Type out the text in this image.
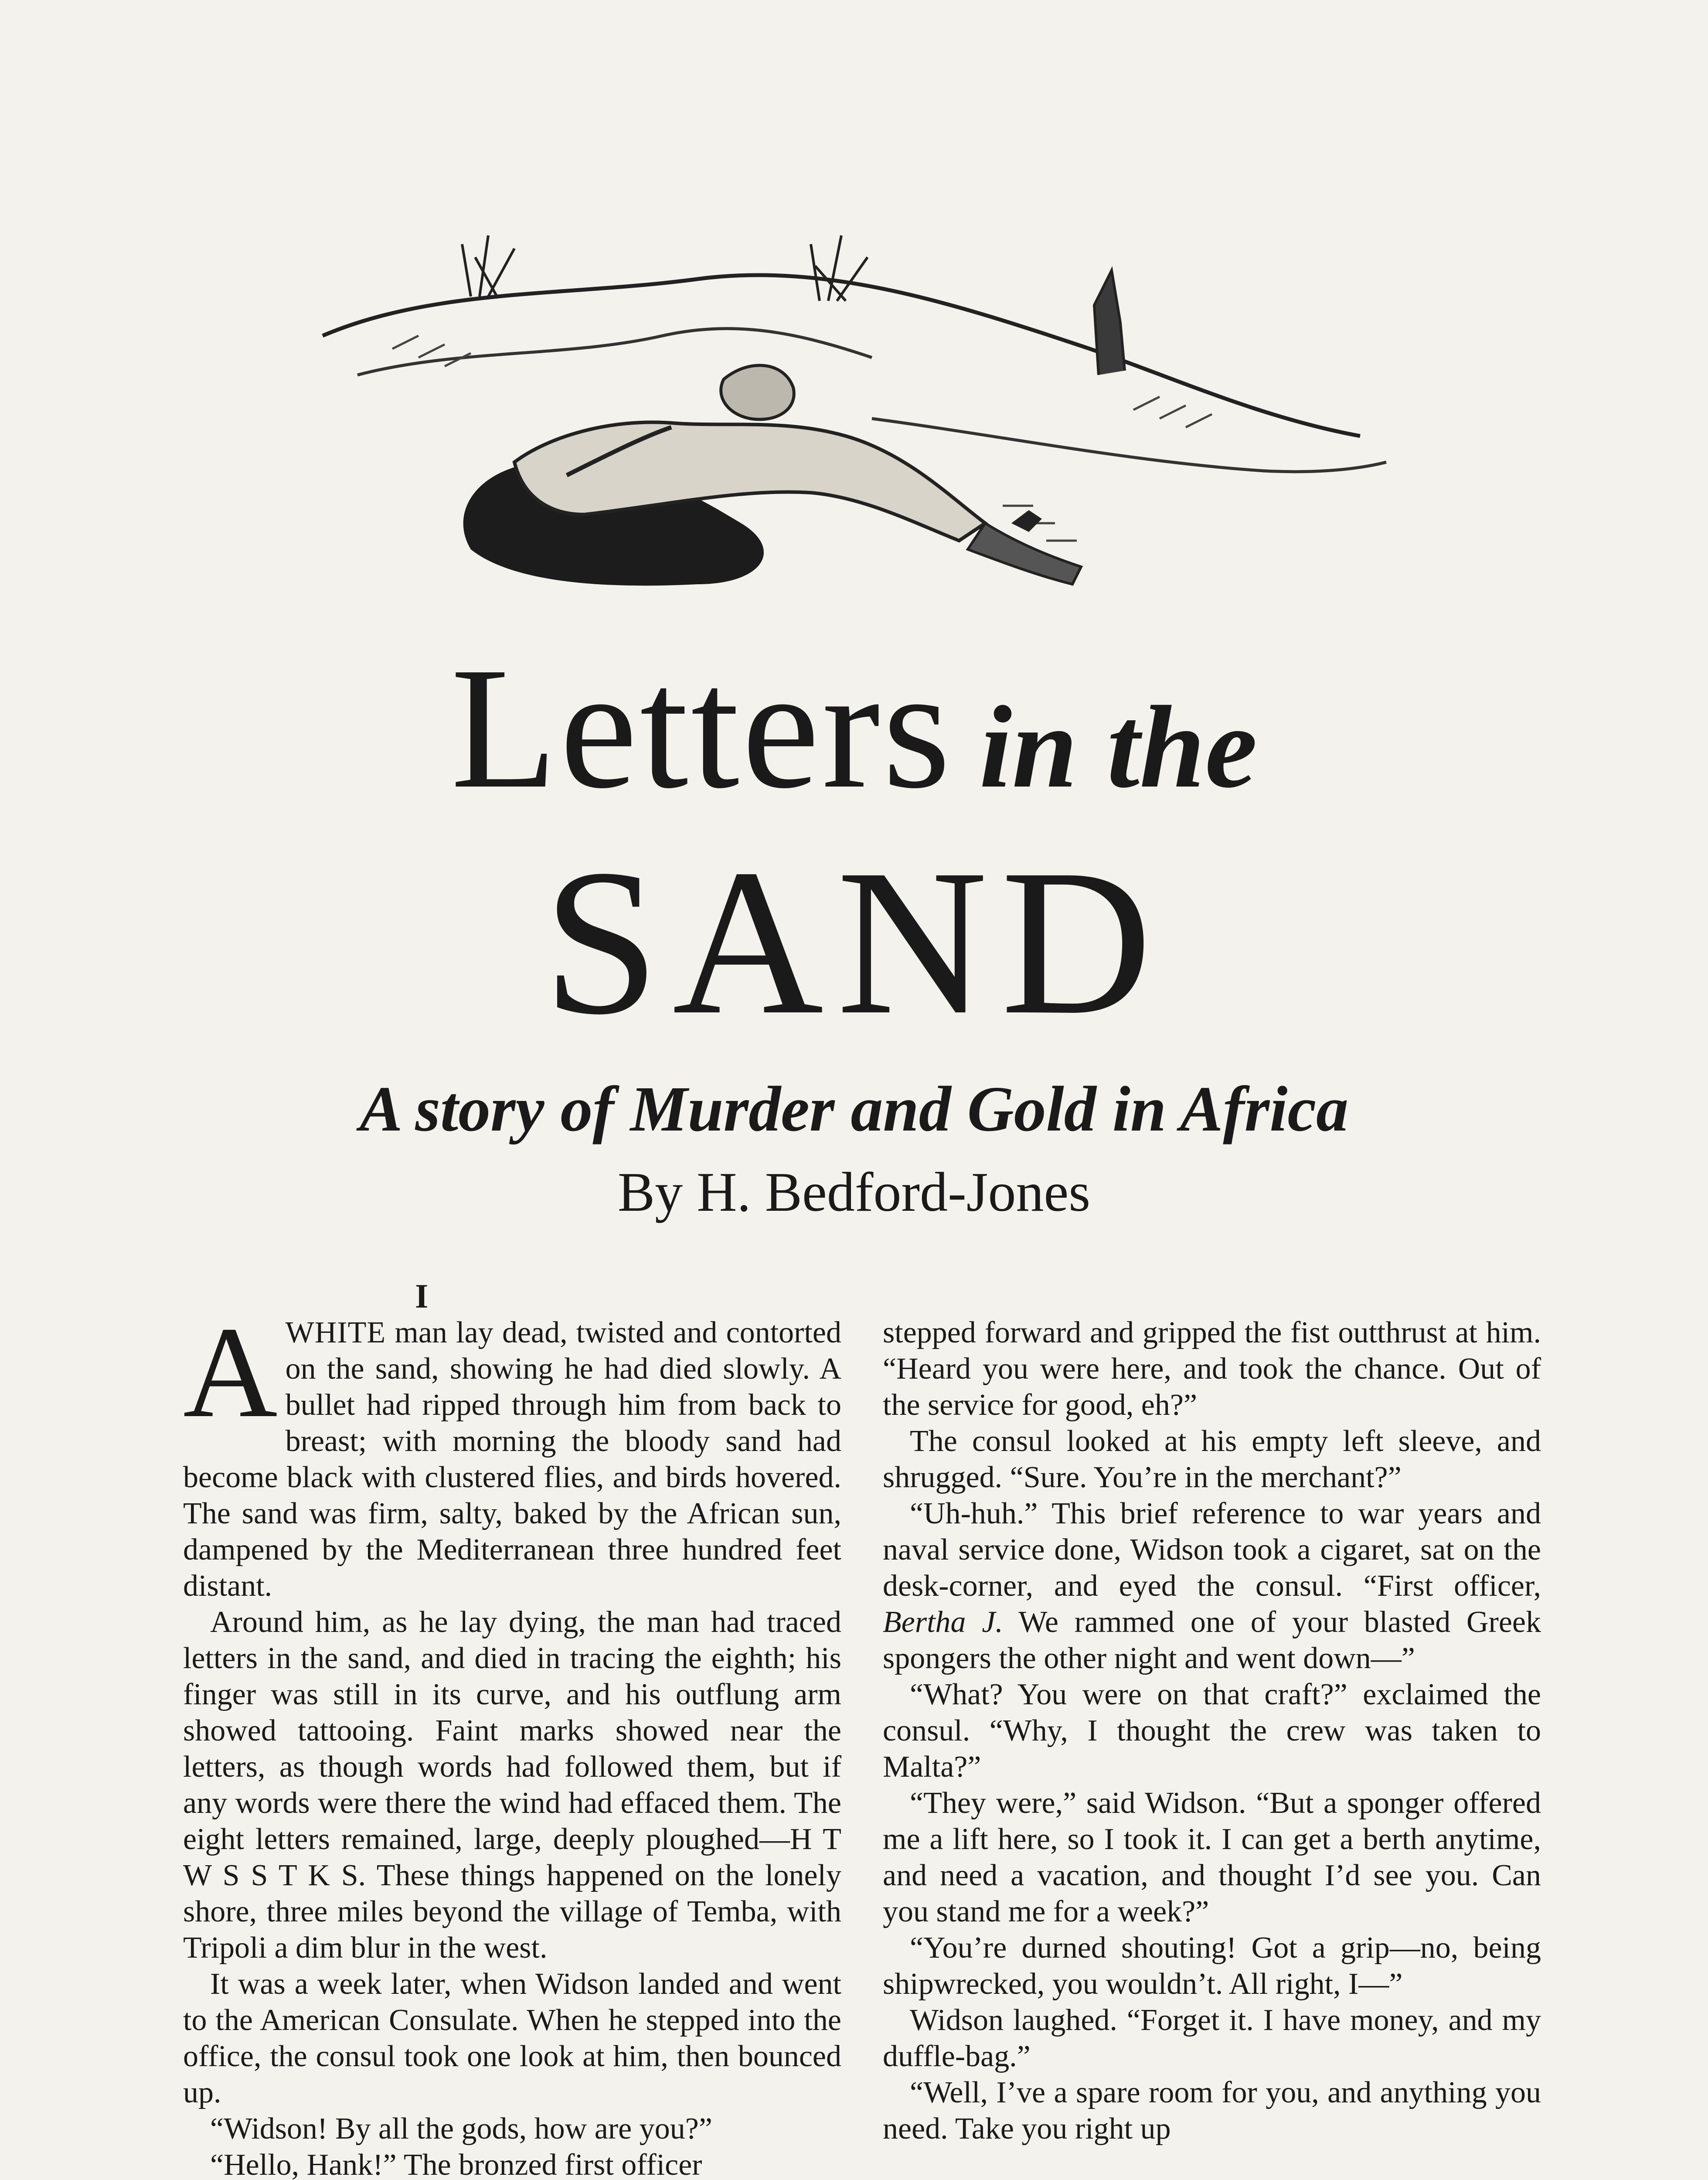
Letters in the
SAND
A story of Murder and Gold in Africa
By H. Bedford-Jones
I

AWHITE man lay dead, twisted and contorted on the sand, showing he had died slowly. A bullet had ripped through him from back to breast; with morning the bloody sand had become black with clustered flies, and birds hovered. The sand was firm, salty, baked by the African sun, dampened by the Mediterranean three hundred feet distant.

Around him, as he lay dying, the man had traced letters in the sand, and died in tracing the eighth; his finger was still in its curve, and his outflung arm showed tattooing. Faint marks showed near the letters, as though words had followed them, but if any words were there the wind had effaced them. The eight letters remained, large, deeply ploughed—H T W S S T K S. These things happened on the lonely shore, three miles beyond the village of Temba, with Tripoli a dim blur in the west.

It was a week later, when Widson landed and went to the American Consulate. When he stepped into the office, the consul took one look at him, then bounced up.

“Widson! By all the gods, how are you?”

“Hello, Hank!” The bronzed first officer

stepped forward and gripped the fist outthrust at him. “Heard you were here, and took the chance. Out of the service for good, eh?”

The consul looked at his empty left sleeve, and shrugged. “Sure. You’re in the merchant?”

“Uh-huh.” This brief reference to war years and naval service done, Widson took a cigaret, sat on the desk-corner, and eyed the consul. “First officer, Bertha J. We rammed one of your blasted Greek spongers the other night and went down—”

“What? You were on that craft?” exclaimed the consul. “Why, I thought the crew was taken to Malta?”

“They were,” said Widson. “But a sponger offered me a lift here, so I took it. I can get a berth anytime, and need a vacation, and thought I’d see you. Can you stand me for a week?”

“You’re durned shouting! Got a grip—no, being shipwrecked, you wouldn’t. All right, I—”

Widson laughed. “Forget it. I have money, and my duffle-bag.”

“Well, I’ve a spare room for you, and anything you need. Take you right up
